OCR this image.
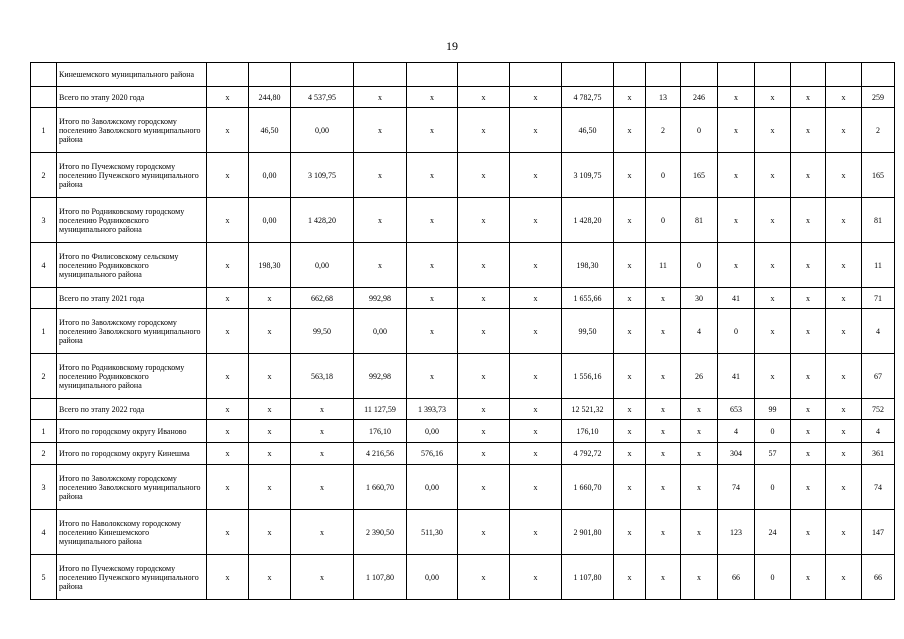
19
	Кинешемского муниципального района																
	Всего по этапу 2020 года	х	244,80	4 537,95	х	х	х	х	4 782,75	х	13	246	х	х	х	х	259
1	Итого по Заволжскому городскому поселению Заволжского муниципального района	х	46,50	0,00	х	х	х	х	46,50	х	2	0	х	х	х	х	2
2	Итого по Пучежскому городскому поселению Пучежского муниципального района	х	0,00	3 109,75	х	х	х	х	3 109,75	х	0	165	х	х	х	х	165
3	Итого по Родниковскому городскому поселению Родниковского муниципального района	х	0,00	1 428,20	х	х	х	х	1 428,20	х	0	81	х	х	х	х	81
4	Итого по Филисовскому сельскому поселению Родниковского муниципального района	х	198,30	0,00	х	х	х	х	198,30	х	11	0	х	х	х	х	11
	Всего по этапу 2021 года	х	х	662,68	992,98	х	х	х	1 655,66	х	х	30	41	х	х	х	71
1	Итого по Заволжскому городскому поселению Заволжского муниципального района	х	х	99,50	0,00	х	х	х	99,50	х	х	4	0	х	х	х	4
2	Итого по Родниковскому городскому поселению Родниковского муниципального района	х	х	563,18	992,98	х	х	х	1 556,16	х	х	26	41	х	х	х	67
	Всего по этапу 2022 года	х	х	х	11 127,59	1 393,73	х	х	12 521,32	х	х	х	653	99	х	х	752
1	Итого по городскому округу Иваново	х	х	х	176,10	0,00	х	х	176,10	х	х	х	4	0	х	х	4
2	Итого по городскому округу Кинешма	х	х	х	4 216,56	576,16	х	х	4 792,72	х	х	х	304	57	х	х	361
3	Итого по Заволжскому городскому поселению Заволжского муниципального района	х	х	х	1 660,70	0,00	х	х	1 660,70	х	х	х	74	0	х	х	74
4	Итого по Наволокскому городскому поселению Кинешемского муниципального района	х	х	х	2 390,50	511,30	х	х	2 901,80	х	х	х	123	24	х	х	147
5	Итого по Пучежскому городскому поселению Пучежского муниципального района	х	х	х	1 107,80	0,00	х	х	1 107,80	х	х	х	66	0	х	х	66
